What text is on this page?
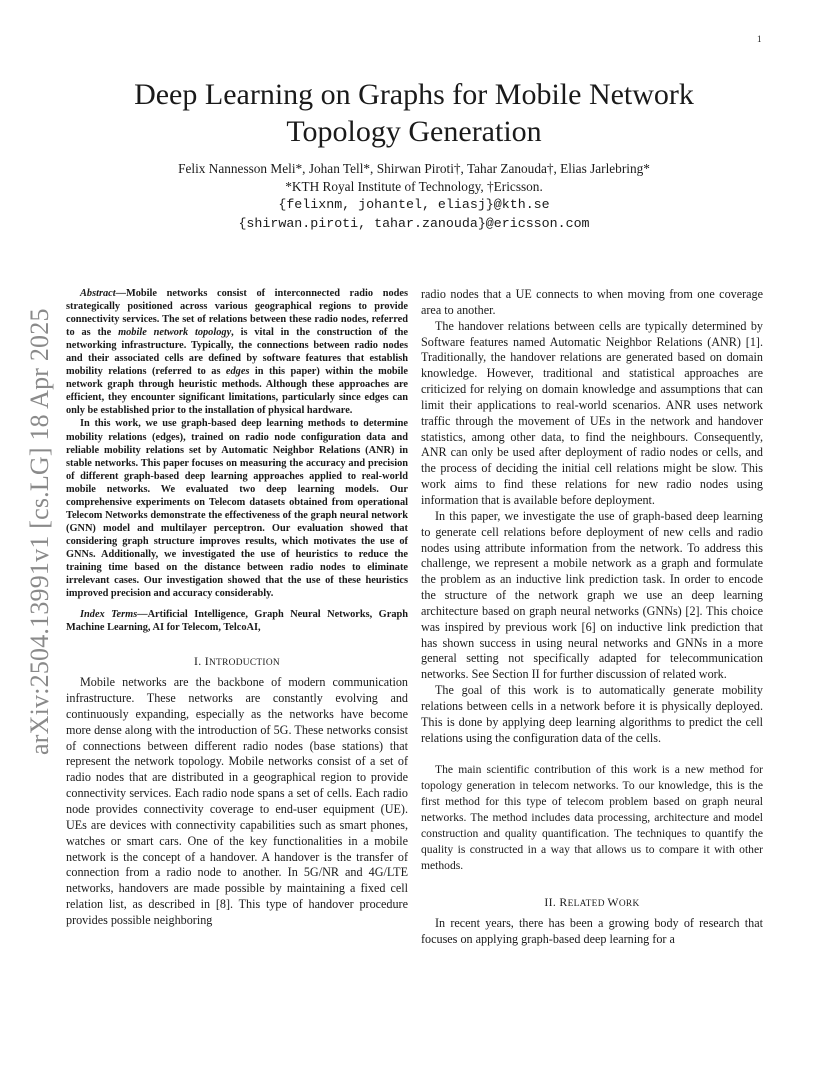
1
arXiv:2504.13991v1 [cs.LG] 18 Apr 2025
Deep Learning on Graphs for Mobile Network
Topology Generation
Felix Nannesson Meli*, Johan Tell*, Shirwan Piroti†, Tahar Zanouda†, Elias Jarlebring*
*KTH Royal Institute of Technology, †Ericsson.
{felixnm, johantel, eliasj}@kth.se
{shirwan.piroti, tahar.zanouda}@ericsson.com

Abstract—Mobile networks consist of interconnected radio nodes strategically positioned across various geographical regions to provide connectivity services. The set of relations between these radio nodes, referred to as the mobile network topology, is vital in the construction of the networking infrastructure. Typically, the connections between radio nodes and their associated cells are defined by software features that establish mobility relations (referred to as edges in this paper) within the mobile network graph through heuristic methods. Although these approaches are efficient, they encounter significant limitations, particularly since edges can only be established prior to the installation of physical hardware.

In this work, we use graph-based deep learning methods to determine mobility relations (edges), trained on radio node configuration data and reliable mobility relations set by Automatic Neighbor Relations (ANR) in stable networks. This paper focuses on measuring the accuracy and precision of different graph-based deep learning approaches applied to real-world mobile networks. We evaluated two deep learning models. Our comprehensive experiments on Telecom datasets obtained from operational Telecom Networks demonstrate the effectiveness of the graph neural network (GNN) model and multilayer perceptron. Our evaluation showed that considering graph structure improves results, which motivates the use of GNNs. Additionally, we investigated the use of heuristics to reduce the training time based on the distance between radio nodes to eliminate irrelevant cases. Our investigation showed that the use of these heuristics improved precision and accuracy considerably.

Index Terms—Artificial Intelligence, Graph Neural Networks, Graph Machine Learning, AI for Telecom, TelcoAI,

I. INTRODUCTION

Mobile networks are the backbone of modern communication infrastructure. These networks are constantly evolving and continuously expanding, especially as the networks have become more dense along with the introduction of 5G. These networks consist of connections between different radio nodes (base stations) that represent the network topology. Mobile networks consist of a set of radio nodes that are distributed in a geographical region to provide connectivity services. Each radio node spans a set of cells. Each radio node provides connectivity coverage to end-user equipment (UE). UEs are devices with connectivity capabilities such as smart phones, watches or smart cars. One of the key functionalities in a mobile network is the concept of a handover. A handover is the transfer of connection from a radio node to another. In 5G/NR and 4G/LTE networks, handovers are made possible by maintaining a fixed cell relation list, as described in [8]. This type of handover procedure provides possible neighboring

radio nodes that a UE connects to when moving from one coverage area to another.

The handover relations between cells are typically determined by Software features named Automatic Neighbor Relations (ANR) [1]. Traditionally, the handover relations are generated based on domain knowledge. However, traditional and statistical approaches are criticized for relying on domain knowledge and assumptions that can limit their applications to real-world scenarios. ANR uses network traffic through the movement of UEs in the network and handover statistics, among other data, to find the neighbours. Consequently, ANR can only be used after deployment of radio nodes or cells, and the process of deciding the initial cell relations might be slow. This work aims to find these relations for new radio nodes using information that is available before deployment.

In this paper, we investigate the use of graph-based deep learning to generate cell relations before deployment of new cells and radio nodes using attribute information from the network. To address this challenge, we represent a mobile network as a graph and formulate the problem as an inductive link prediction task. In order to encode the structure of the network graph we use an deep learning architecture based on graph neural networks (GNNs) [2]. This choice was inspired by previous work [6] on inductive link prediction that has shown success in using neural networks and GNNs in a more general setting not specifically adapted for telecommunication networks. See Section II for further discussion of related work.

The goal of this work is to automatically generate mobility relations between cells in a network before it is physically deployed. This is done by applying deep learning algorithms to predict the cell relations using the configuration data of the cells.

The main scientific contribution of this work is a new method for topology generation in telecom networks. To our knowledge, this is the first method for this type of telecom problem based on graph neural networks. The method includes data processing, architecture and model construction and quality quantification. The techniques to quantify the quality is constructed in a way that allows us to compare it with other methods.

II. RELATED WORK

In recent years, there has been a growing body of research that focuses on applying graph-based deep learning for a
